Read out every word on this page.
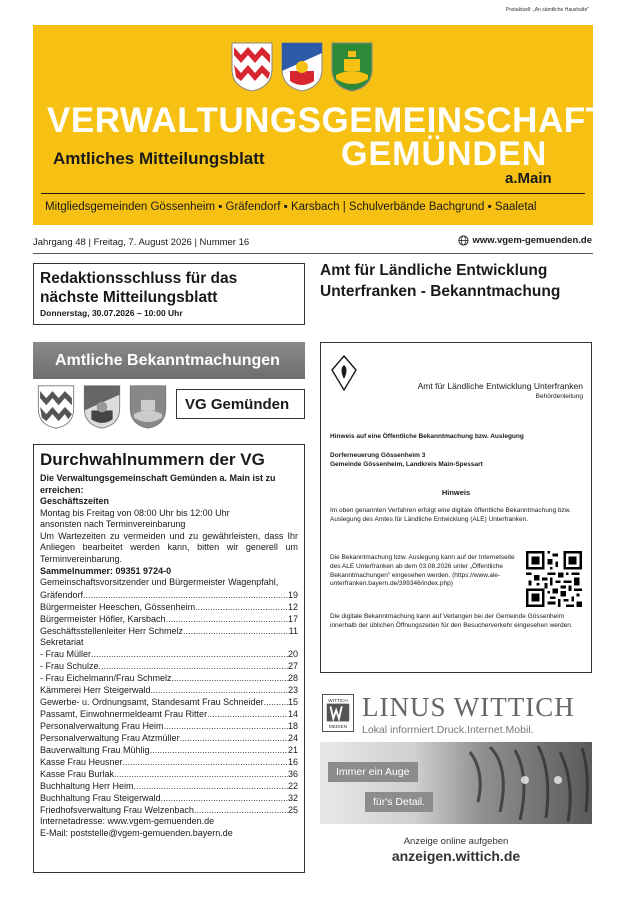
Postaktuell: „An sämtliche Haushalte"
VERWALTUNGSGEMEINSCHAFT
Amtliches Mitteilungsblatt GEMÜNDEN
a.Main
Mitgliedsgemeinden Gössenheim ▪ Gräfendorf ▪ Karsbach | Schulverbände Bachgrund ▪ Saaletal
Jahrgang 48 | Freitag, 7. August 2026 | Nummer 16	www.vgem-gemuenden.de
Redaktionsschluss für das nächste Mitteilungsblatt
Donnerstag, 30.07.2026 – 10:00 Uhr
Amtliche Bekanntmachungen
VG Gemünden
Durchwahlnummern der VG
Die Verwaltungsgemeinschaft Gemünden a. Main ist zu erreichen:
Geschäftszeiten
Montag bis Freitag von 08:00 Uhr bis 12:00 Uhr
ansonsten nach Terminvereinbarung
Um Wartezeiten zu vermeiden und zu gewährleisten, dass Ihr Anliegen bearbeitet werden kann, bitten wir generell um Terminvereinbarung.
Sammelnummer: 09351 9724-0
Gemeinschaftsvorsitzender und Bürgermeister Wagenpfahl,
Gräfendorf .....	19
Bürgermeister Heeschen, Gössenheim .....	12
Bürgermeister Höfler, Karsbach .....	17
Geschäftsstellenleiter Herr Schmelz .....	11
Sekretariat
- Frau Müller .....	20
- Frau Schulze .....	27
- Frau Eichelmann/Frau Schmelz .....	28
Kämmerei Herr Steigerwald .....	23
Gewerbe- u. Ordnungsamt, Standesamt Frau Schneider .....	15
Passamt, Einwohnermeldeamt Frau Ritter .....	14
Personalverwaltung Frau Heim .....	18
Personalverwaltung Frau Atzmüller .....	24
Bauverwaltung Frau Mühlig .....	21
Kasse Frau Heusner .....	16
Kasse Frau Burlak .....	36
Buchhaltung Herr Heim .....	22
Buchhaltung Frau Steigerwald .....	32
Friedhofsverwaltung Frau Welzenbach .....	25
Internetadresse: www.vgem-gemuenden.de
E-Mail: poststelle@vgem-gemuenden.bayern.de
Amt für Ländliche Entwicklung Unterfranken - Bekanntmachung
Amt für Ländliche Entwicklung Unterfranken
Behördenleitung
Hinweis auf eine Öffentliche Bekanntmachung bzw. Auslegung
Dorferneuerung Gössenheim 3
Gemeinde Gössenheim, Landkreis Main-Spessart
Hinweis
Im oben genannten Verfahren erfolgt eine digitale öffentliche Bekanntmachung bzw. Auslegung des Amtes für Ländliche Entwicklung (ALE) Unterfranken.
Die Bekanntmachung bzw. Auslegung kann auf der Internetseite des ALE Unterfranken ab dem 03.08.2026 unter „Öffentliche Bekanntmachungen“ eingesehen werden. (https://www.ale-unterfranken.bayern.de/399346/index.php)
Die digitale Bekanntmachung kann auf Verlangen bei der Gemeinde Gössenheim innerhalb der üblichen Öffnungszeiten für den Besucherverkehr eingesehen werden.
WITTICH
MEDIEN
LINUS WITTICH
Lokal informiert.Druck.Internet.Mobil.
Immer ein Auge
für's Detail.
Anzeige online aufgeben
anzeigen.wittich.de
